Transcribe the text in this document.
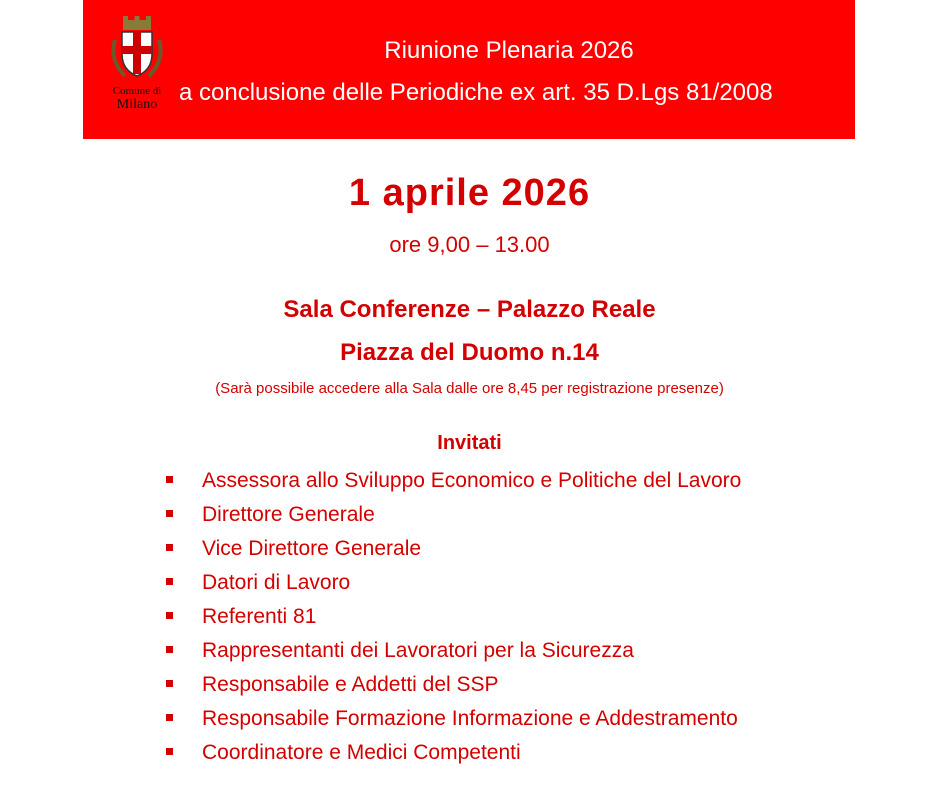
Comune di
Milano
Riunione Plenaria 2026
a conclusione delle Periodiche ex art. 35 D.Lgs 81/2008
1 aprile 2026
ore 9,00 – 13.00
Sala Conferenze – Palazzo Reale
Piazza del Duomo n.14
(Sarà possibile accedere alla Sala dalle ore 8,45 per registrazione presenze)
Invitati
Assessora allo Sviluppo Economico e Politiche del Lavoro
Direttore Generale
Vice Direttore Generale
Datori di Lavoro
Referenti 81
Rappresentanti dei Lavoratori per la Sicurezza
Responsabile e Addetti del SSP
Responsabile Formazione Informazione e Addestramento
Coordinatore e Medici Competenti
